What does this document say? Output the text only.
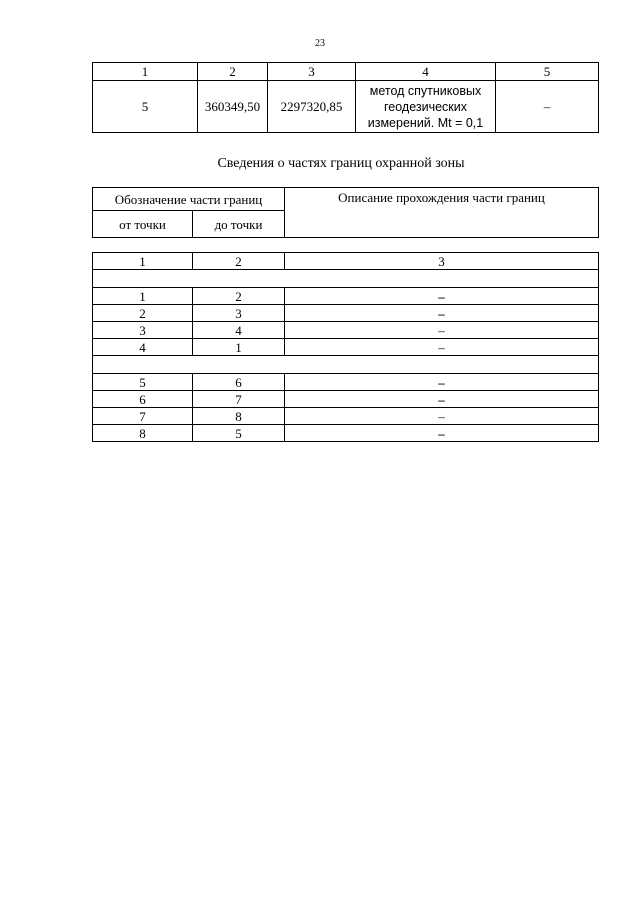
23
1	2	3	4	5
5	360349,50	2297320,85	метод спутниковых
геодезических
измерений. Mt = 0,1	–
Сведения о частях границ охранной зоны
Обозначение части границ		Описание прохождения части границ
от точки	до точки	

1	2	3

1	2	–
2	3	–
3	4	–
4	1	–

5	6	–
6	7	–
7	8	–
8	5	–
